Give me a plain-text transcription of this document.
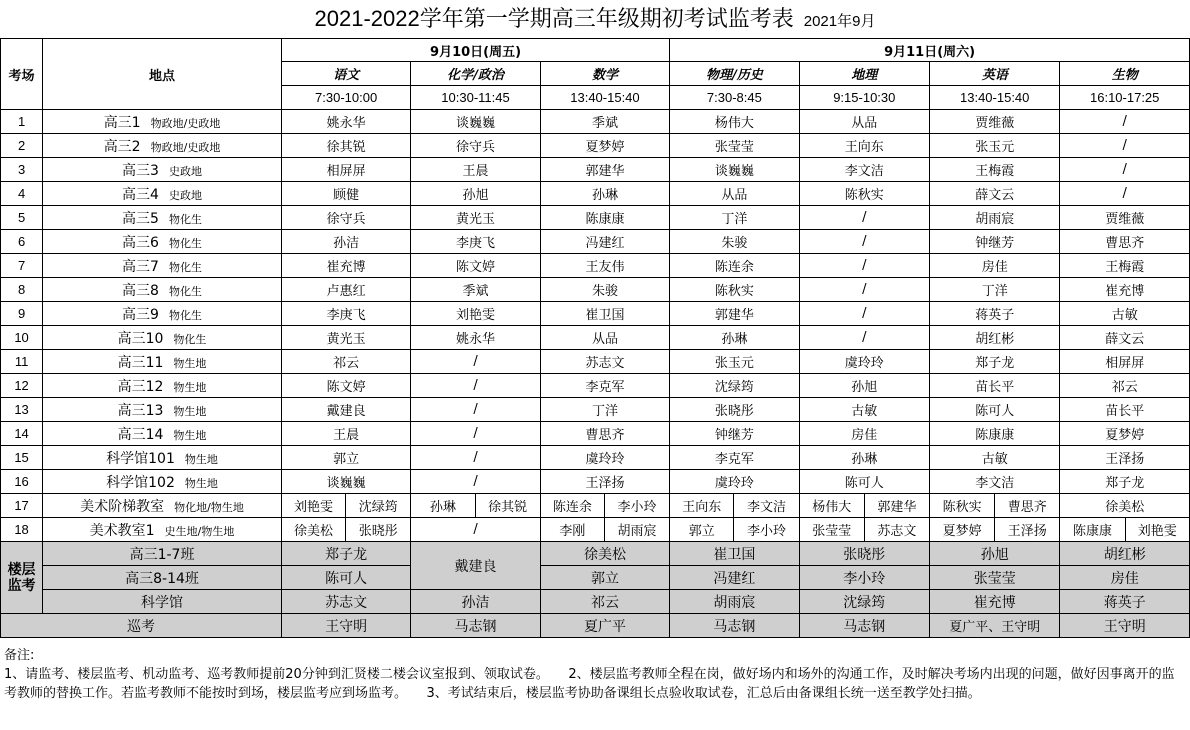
2021-2022学年第一学期高三年级期初考试监考表 2021年9月
考场	地点	9月10日(周五)						9月11日(周六)							
		语文		化学/政治		数学		物理/历史		地理		英语		生物	
		7:30-10:00		10:30-11:45		13:40-15:40		7:30-8:45		9:15-10:30		13:40-15:40		16:10-17:25	
1	高三1 物政地/史政地	姚永华		谈巍巍		季斌		杨伟大		从品		贾维薇		/	
2	高三2 物政地/史政地	徐其锐		徐守兵		夏梦婷		张莹莹		王向东		张玉元		/	
3	高三3 史政地	相屏屏		王晨		郭建华		谈巍巍		李文洁		王梅霞		/	
4	高三4 史政地	顾健		孙旭		孙琳		从品		陈秋实		薛文云		/	
5	高三5 物化生	徐守兵		黄光玉		陈康康		丁洋		/		胡雨宸		贾维薇	
6	高三6 物化生	孙洁		李庚飞		冯建红		朱骏		/		钟继芳		曹思齐	
7	高三7 物化生	崔充博		陈文婷		王友伟		陈连余		/		房佳		王梅霞	
8	高三8 物化生	卢惠红		季斌		朱骏		陈秋实		/		丁洋		崔充博	
9	高三9 物化生	李庚飞		刘艳雯		崔卫国		郭建华		/		蒋英子		古敏	
10	高三10 物化生	黄光玉		姚永华		从品		孙琳		/		胡红彬		薛文云	
11	高三11 物生地	祁云		/		苏志文		张玉元		虞玲玲		郑子龙		相屏屏	
12	高三12 物生地	陈文婷		/		李克军		沈绿筠		孙旭		苗长平		祁云	
13	高三13 物生地	戴建良		/		丁洋		张晓彤		古敏		陈可人		苗长平	
14	高三14 物生地	王晨		/		曹思齐		钟继芳		房佳		陈康康		夏梦婷	
15	科学馆101 物生地	郭立		/		虞玲玲		李克军		孙琳		古敏		王泽扬	
16	科学馆102 物生地	谈巍巍		/		王泽扬		虞玲玲		陈可人		李文洁		郑子龙	
17	美术阶梯教室 物化地/物生地	刘艳雯	沈绿筠	孙琳	徐其锐	陈连余	李小玲	王向东	李文洁	杨伟大	郭建华	陈秋实	曹思齐	徐美松	
18	美术教室1 史生地/物生地	徐美松	张晓彤	/		李刚	胡雨宸	郭立	李小玲	张莹莹	苏志文	夏梦婷	王泽扬	陈康康	刘艳雯
楼层监考	高三1-7班	郑子龙		戴建良		徐美松		崔卫国		张晓彤		孙旭		胡红彬	
	高三8-14班	陈可人				郭立		冯建红		李小玲		张莹莹		房佳	
	科学馆	苏志文		孙洁		祁云		胡雨宸		沈绿筠		崔充博		蒋英子	
巡考		王守明		马志钢		夏广平		马志钢		马志钢		夏广平、王守明		王守明	

备注:

1、请监考、楼层监考、机动监考、巡考教师提前20分钟到汇贤楼二楼会议室报到、领取试卷。　　2、楼层监考教师全程在岗，做好场内和场外的沟通工作，及时解决考场内出现的问题，做好因事离开的监考教师的替换工作。若监考教师不能按时到场，楼层监考应到场监考。　　3、考试结束后，楼层监考协助备课组长点验收取试卷，汇总后由备课组长统一送至教学处扫描。
